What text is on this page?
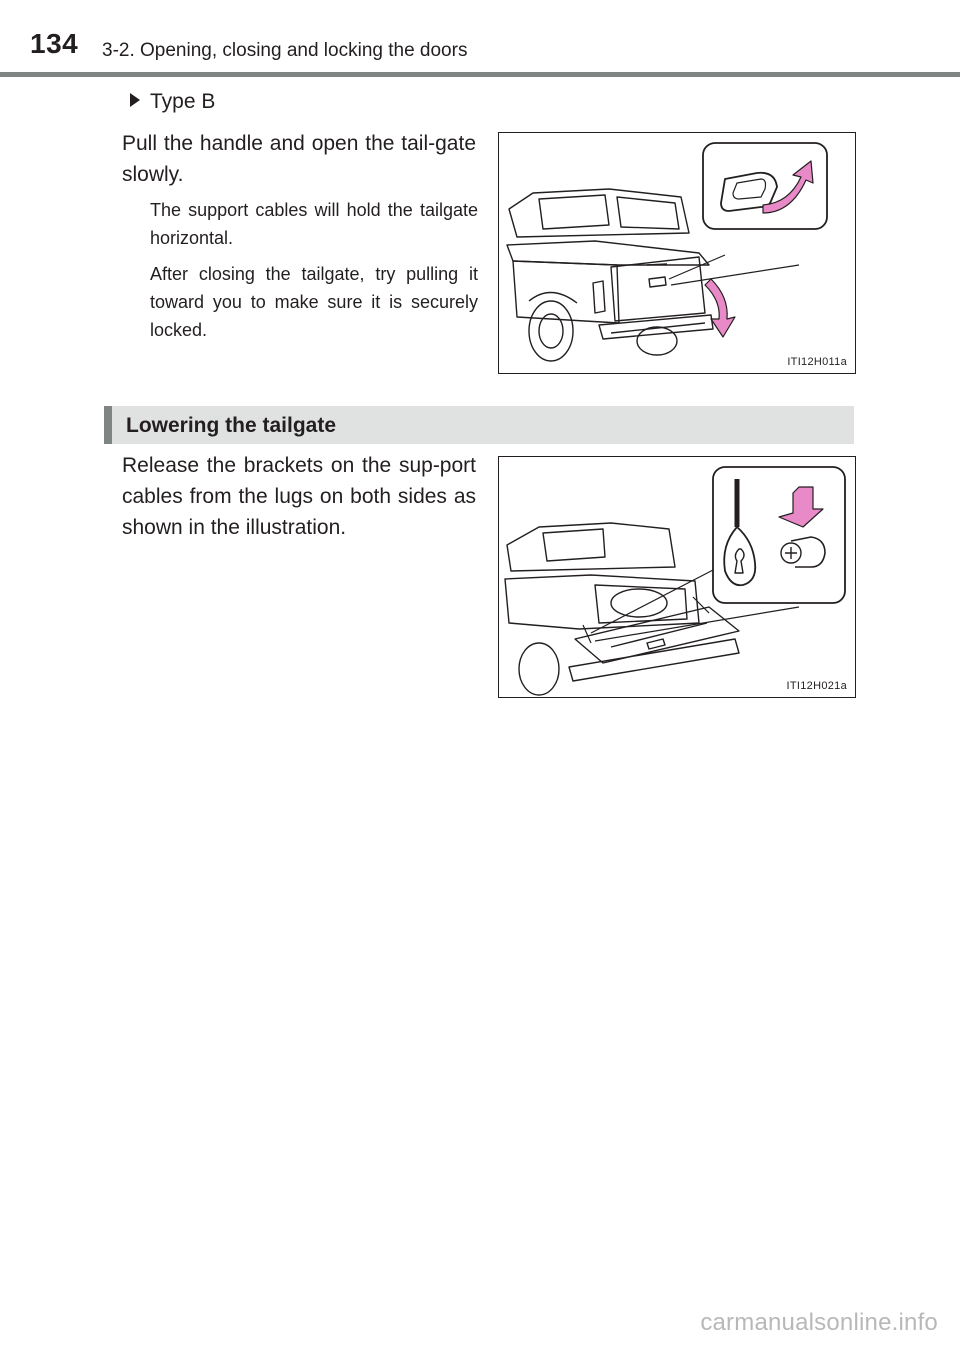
134 3-2. Opening, closing and locking the doors
Type B
Pull the handle and open the tail-gate slowly.
The support cables will hold the tailgate horizontal.
After closing the tailgate, try pulling it toward you to make sure it is securely locked.
ITI12H011a
Lowering the tailgate
Release the brackets on the sup-port cables from the lugs on both sides as shown in the illustration.
ITI12H021a
carmanualsonline.info
